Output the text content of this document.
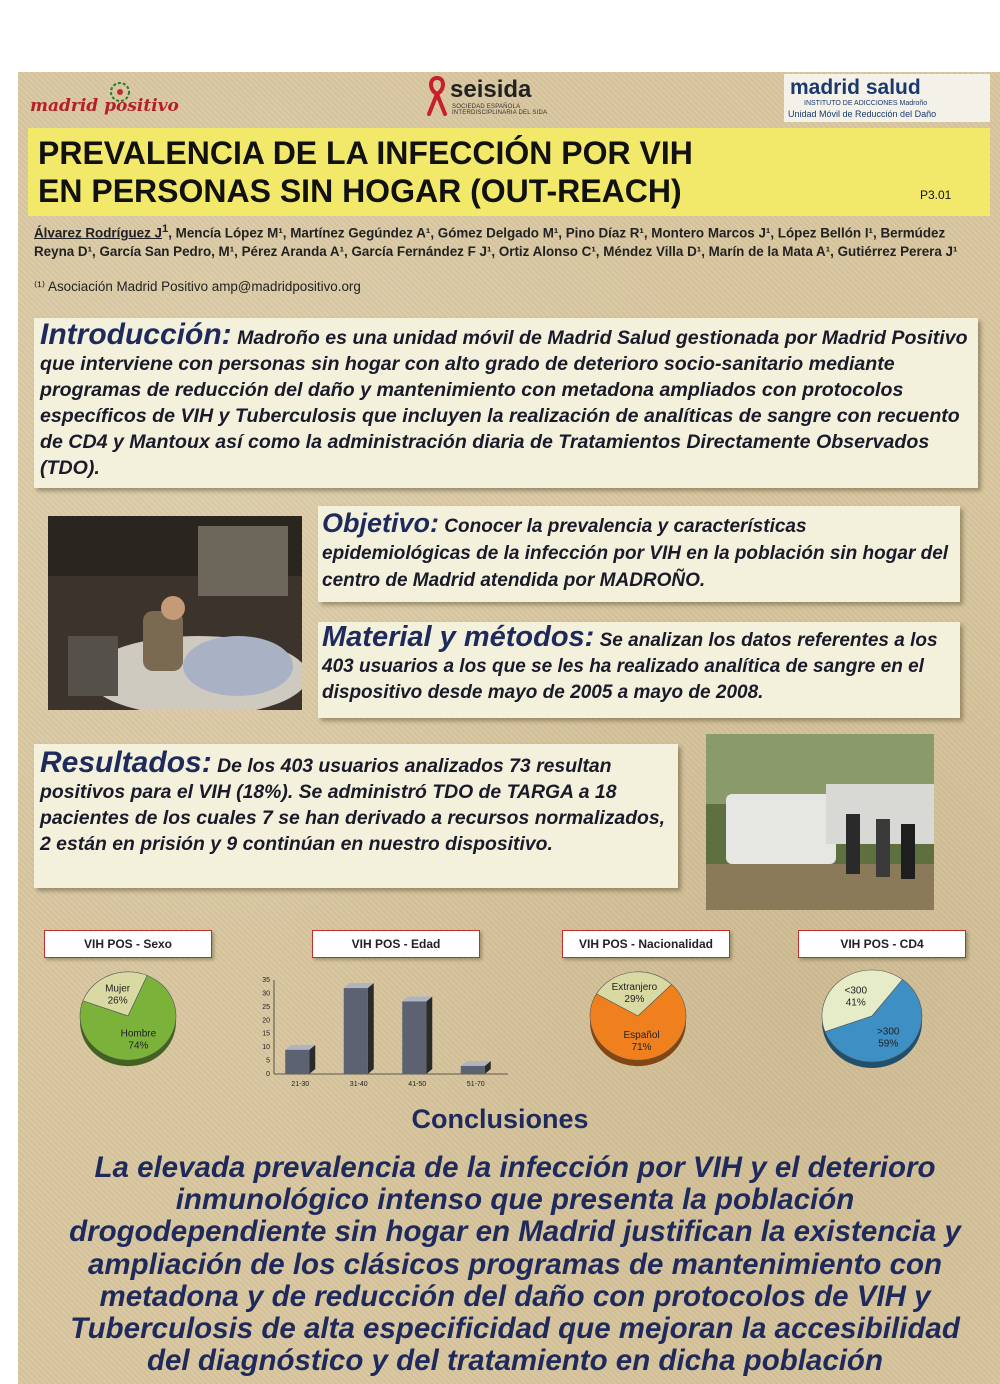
madrid positivo
seisida
SOCIEDAD ESPAÑOLA INTERDISCIPLINARIA DEL SIDA
madrid salud
INSTITUTO DE ADICCIONES Madroño
Unidad Móvil de Reducción del Daño
PREVALENCIA DE LA INFECCIÓN POR VIH
EN PERSONAS SIN HOGAR (OUT-REACH)	P3.01
Álvarez Rodríguez $J^1$, Mencía López M¹, Martínez Gegúndez A¹, Gómez Delgado M¹, Pino Díaz R¹, Montero Marcos J¹, López Bellón I¹, Bermúdez Reyna D¹, García San Pedro, M¹, Pérez Aranda A¹, García Fernández F J¹, Ortiz Alonso C¹, Méndez Villa D¹, Marín de la Mata A¹, Gutiérrez Perera J¹
⁽¹⁾ Asociación Madrid Positivo amp@madridpositivo.org
Introducción: Madroño es una unidad móvil de Madrid Salud gestionada por Madrid Positivo que interviene con personas sin hogar con alto grado de deterioro socio-sanitario mediante programas de reducción del daño y mantenimiento con metadona ampliados con protocolos específicos de VIH y Tuberculosis que incluyen la realización de analíticas de sangre con recuento de CD4 y Mantoux así como la administración diaria de Tratamientos Directamente Observados (TDO).
Objetivo: Conocer la prevalencia y características epidemiológicas de la infección por VIH en la población sin hogar del centro de Madrid atendida por MADROÑO.
Material y métodos: Se analizan los datos referentes a los 403 usuarios a los que se les ha realizado analítica de sangre en el dispositivo desde mayo de 2005 a mayo de 2008.
Resultados: De los 403 usuarios analizados 73 resultan positivos para el VIH (18%). Se administró TDO de TARGA a 18 pacientes de los cuales 7 se han derivado a recursos normalizados, 2 están en prisión y 9 continúan en nuestro dispositivo.
VIH POS - Sexo	VIH POS - Edad	VIH POS - Nacionalidad	VIH POS - CD4
Mujer
26%
Hombre
74%
0
5
10
15
20
25
30
35
21-30	31-40	41-50	51-70
Extranjero
29%
Español
71%
<300
41%
>300
59%
Conclusiones
La elevada prevalencia de la infección por VIH y el deterioro inmunológico intenso que presenta la población drogodependiente sin hogar en Madrid justifican la existencia y ampliación de los clásicos programas de mantenimiento con metadona y de reducción del daño con protocolos de VIH y Tuberculosis de alta especificidad que mejoran la accesibilidad del diagnóstico y del tratamiento en dicha población
